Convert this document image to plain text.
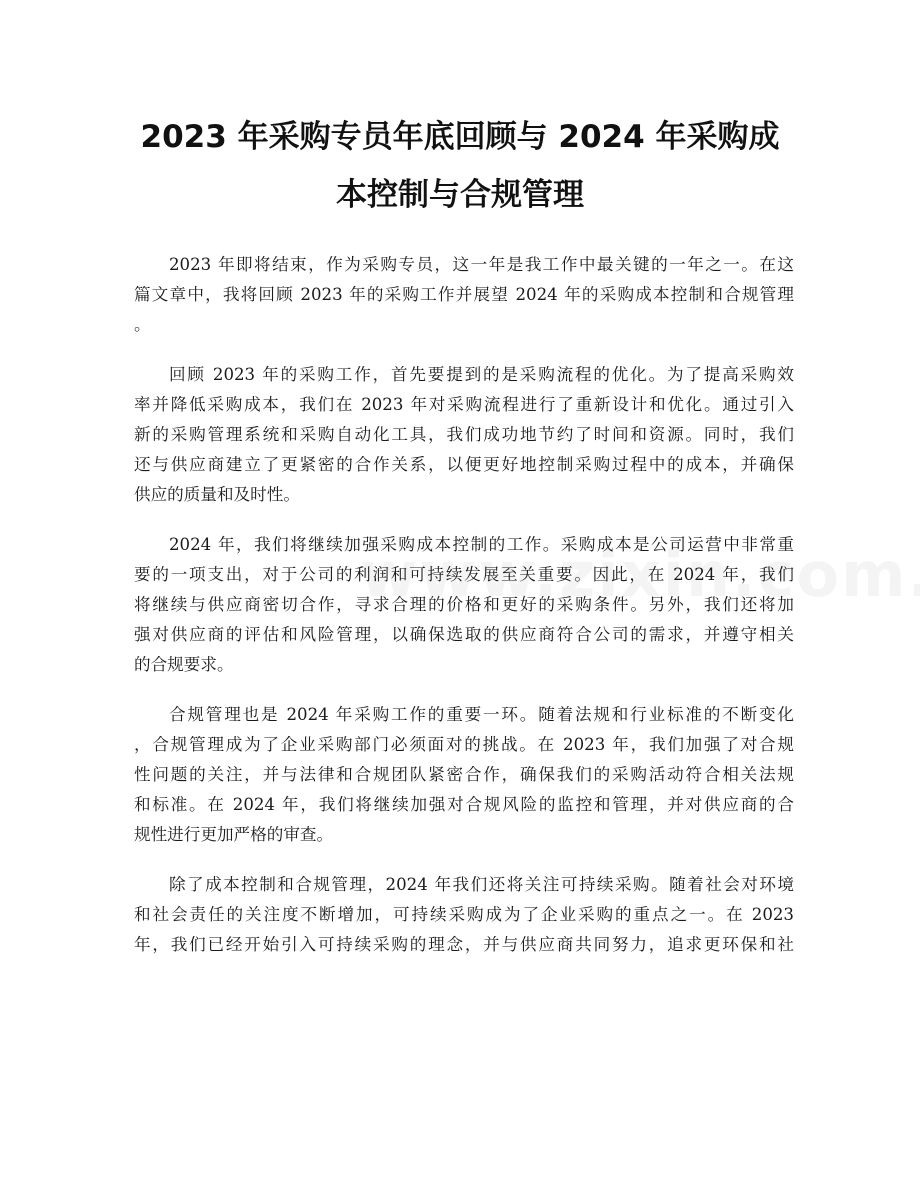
2023 年采购专员年底回顾与 2024 年采购成
本控制与合规管理

2023 年即将结束，作为采购专员，这一年是我工作中最关键的一年之一。在这
篇文章中，我将回顾 2023 年的采购工作并展望 2024 年的采购成本控制和合规管理
。

回顾 2023 年的采购工作，首先要提到的是采购流程的优化。为了提高采购效
率并降低采购成本，我们在 2023 年对采购流程进行了重新设计和优化。通过引入
新的采购管理系统和采购自动化工具，我们成功地节约了时间和资源。同时，我们
还与供应商建立了更紧密的合作关系，以便更好地控制采购过程中的成本，并确保
供应的质量和及时性。

2024 年，我们将继续加强采购成本控制的工作。采购成本是公司运营中非常重
要的一项支出，对于公司的利润和可持续发展至关重要。因此，在 2024 年，我们
将继续与供应商密切合作，寻求合理的价格和更好的采购条件。另外，我们还将加
强对供应商的评估和风险管理，以确保选取的供应商符合公司的需求，并遵守相关
的合规要求。

合规管理也是 2024 年采购工作的重要一环。随着法规和行业标准的不断变化
，合规管理成为了企业采购部门必须面对的挑战。在 2023 年，我们加强了对合规
性问题的关注，并与法律和合规团队紧密合作，确保我们的采购活动符合相关法规
和标准。在 2024 年，我们将继续加强对合规风险的监控和管理，并对供应商的合
规性进行更加严格的审查。

除了成本控制和合规管理，2024 年我们还将关注可持续采购。随着社会对环境
和社会责任的关注度不断增加，可持续采购成为了企业采购的重点之一。在 2023
年，我们已经开始引入可持续采购的理念，并与供应商共同努力，追求更环保和社
